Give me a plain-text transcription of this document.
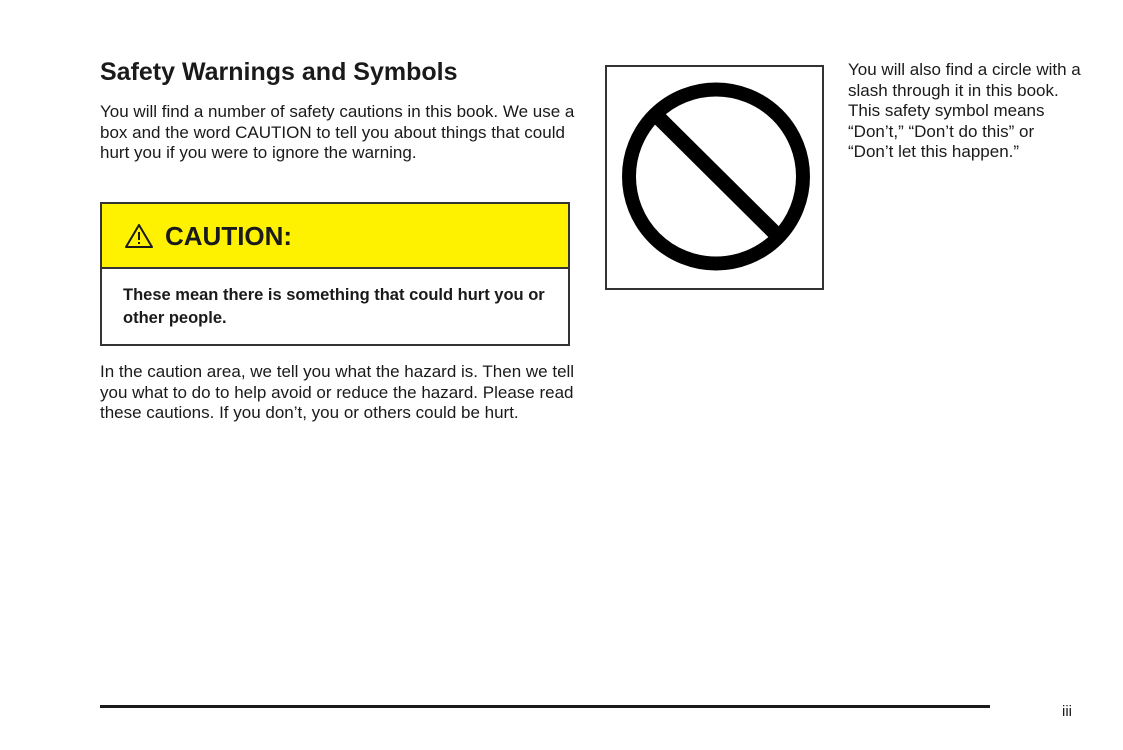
Safety Warnings and Symbols

You will find a number of safety cautions in this book. We use a box and the word CAUTION to tell you about things that could hurt you if you were to ignore the warning.

CAUTION:
These mean there is something that could hurt you or other people.

In the caution area, we tell you what the hazard is. Then we tell you what to do to help avoid or reduce the hazard. Please read these cautions. If you don’t, you or others could be hurt.

You will also find a circle with a slash through it in this book. This safety symbol means “Don’t,” “Don’t do this” or “Don’t let this happen.”

iii
